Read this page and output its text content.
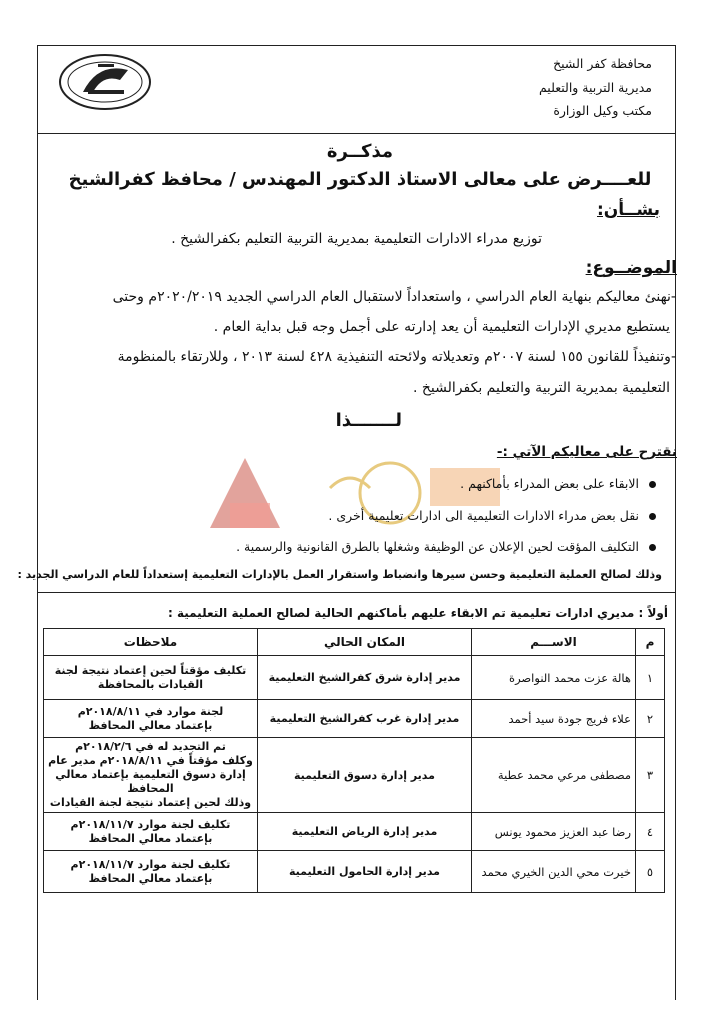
محافظة كفر الشيخ
مديرية التربية والتعليم
مكتب وكيل الوزارة
مذكــرة
للعــــرض على معالى الاستاذ الدكتور المهندس / محافظ كفرالشيخ
بشــأن:
توزيع مدراء الادارات التعليمية بمديرية التربية التعليم بكفرالشيخ .
الموضــوع:
-نهنئ معاليكم بنهاية العام الدراسي ، واستعداداً لاستقبال العام الدراسي الجديد ٢٠٢٠/٢٠١٩م وحتى
يستطيع مديري الإدارات التعليمية أن يعد إدارته على أجمل وجه قبل بداية العام .
-وتنفيذاً للقانون ١٥٥ لسنة ٢٠٠٧م وتعديلاته ولائحته التنفيذية ٤٢٨ لسنة ٢٠١٣ ، وللارتقاء بالمنظومة
التعليمية بمديرية التربية والتعليم بكفرالشيخ .
لـــــــذا
نقترح على معاليكم الآتي :-
الابقاء على بعض المدراء بأماكنهم .
نقل بعض مدراء الادارات التعليمية الى ادارات تعليمية أخرى .
التكليف المؤقت لحين الإعلان عن الوظيفة وشغلها بالطرق القانونية والرسمية .
وذلك لصالح العملية التعليمية وحسن سيرها وانضباط واستقرار العمل بالإدارات التعليمية إستعداداً للعام الدراسي الجديد :
أولاً : مديري ادارات تعليمية تم الابقاء عليهم بأماكنهم الحالية لصالح العملية التعليمية :
م	الاســـم	المكان الحالي	ملاحظات
١	هالة عزت محمد النواصرة	مدير إدارة شرق كفرالشيخ التعليمية	تكليف مؤقتاً لحين إعتماد نتيجة لجنة
القيادات بالمحافظة

٢	علاء فريج جودة سيد أحمد	مدير إدارة غرب كفرالشيخ التعليمية	لجنة موارد في ٢٠١٨/٨/١١م
بإعتماد معالي المحافظ

٣	مصطفى مرعي محمد عطية	مدير إدارة دسوق التعليمية	تم التجديد له في ٢٠١٨/٢/٦م
وكلف مؤقتاً في ٢٠١٨/٨/١١م مدير عام
إدارة دسوق التعليمية بإعتماد معالي المحافظ
وذلك لحين إعتماد نتيجة لجنة القيادات

٤	رضا عبد العزيز محمود يونس	مدير إدارة الرياض التعليمية	تكليف لجنة موارد ٢٠١٨/١١/٧م
بإعتماد معالي المحافظ

٥	خيرت محي الدين الخيري محمد	مدير إدارة الحامول التعليمية	تكليف لجنة موارد ٢٠١٨/١١/٧م
بإعتماد معالي المحافظ
